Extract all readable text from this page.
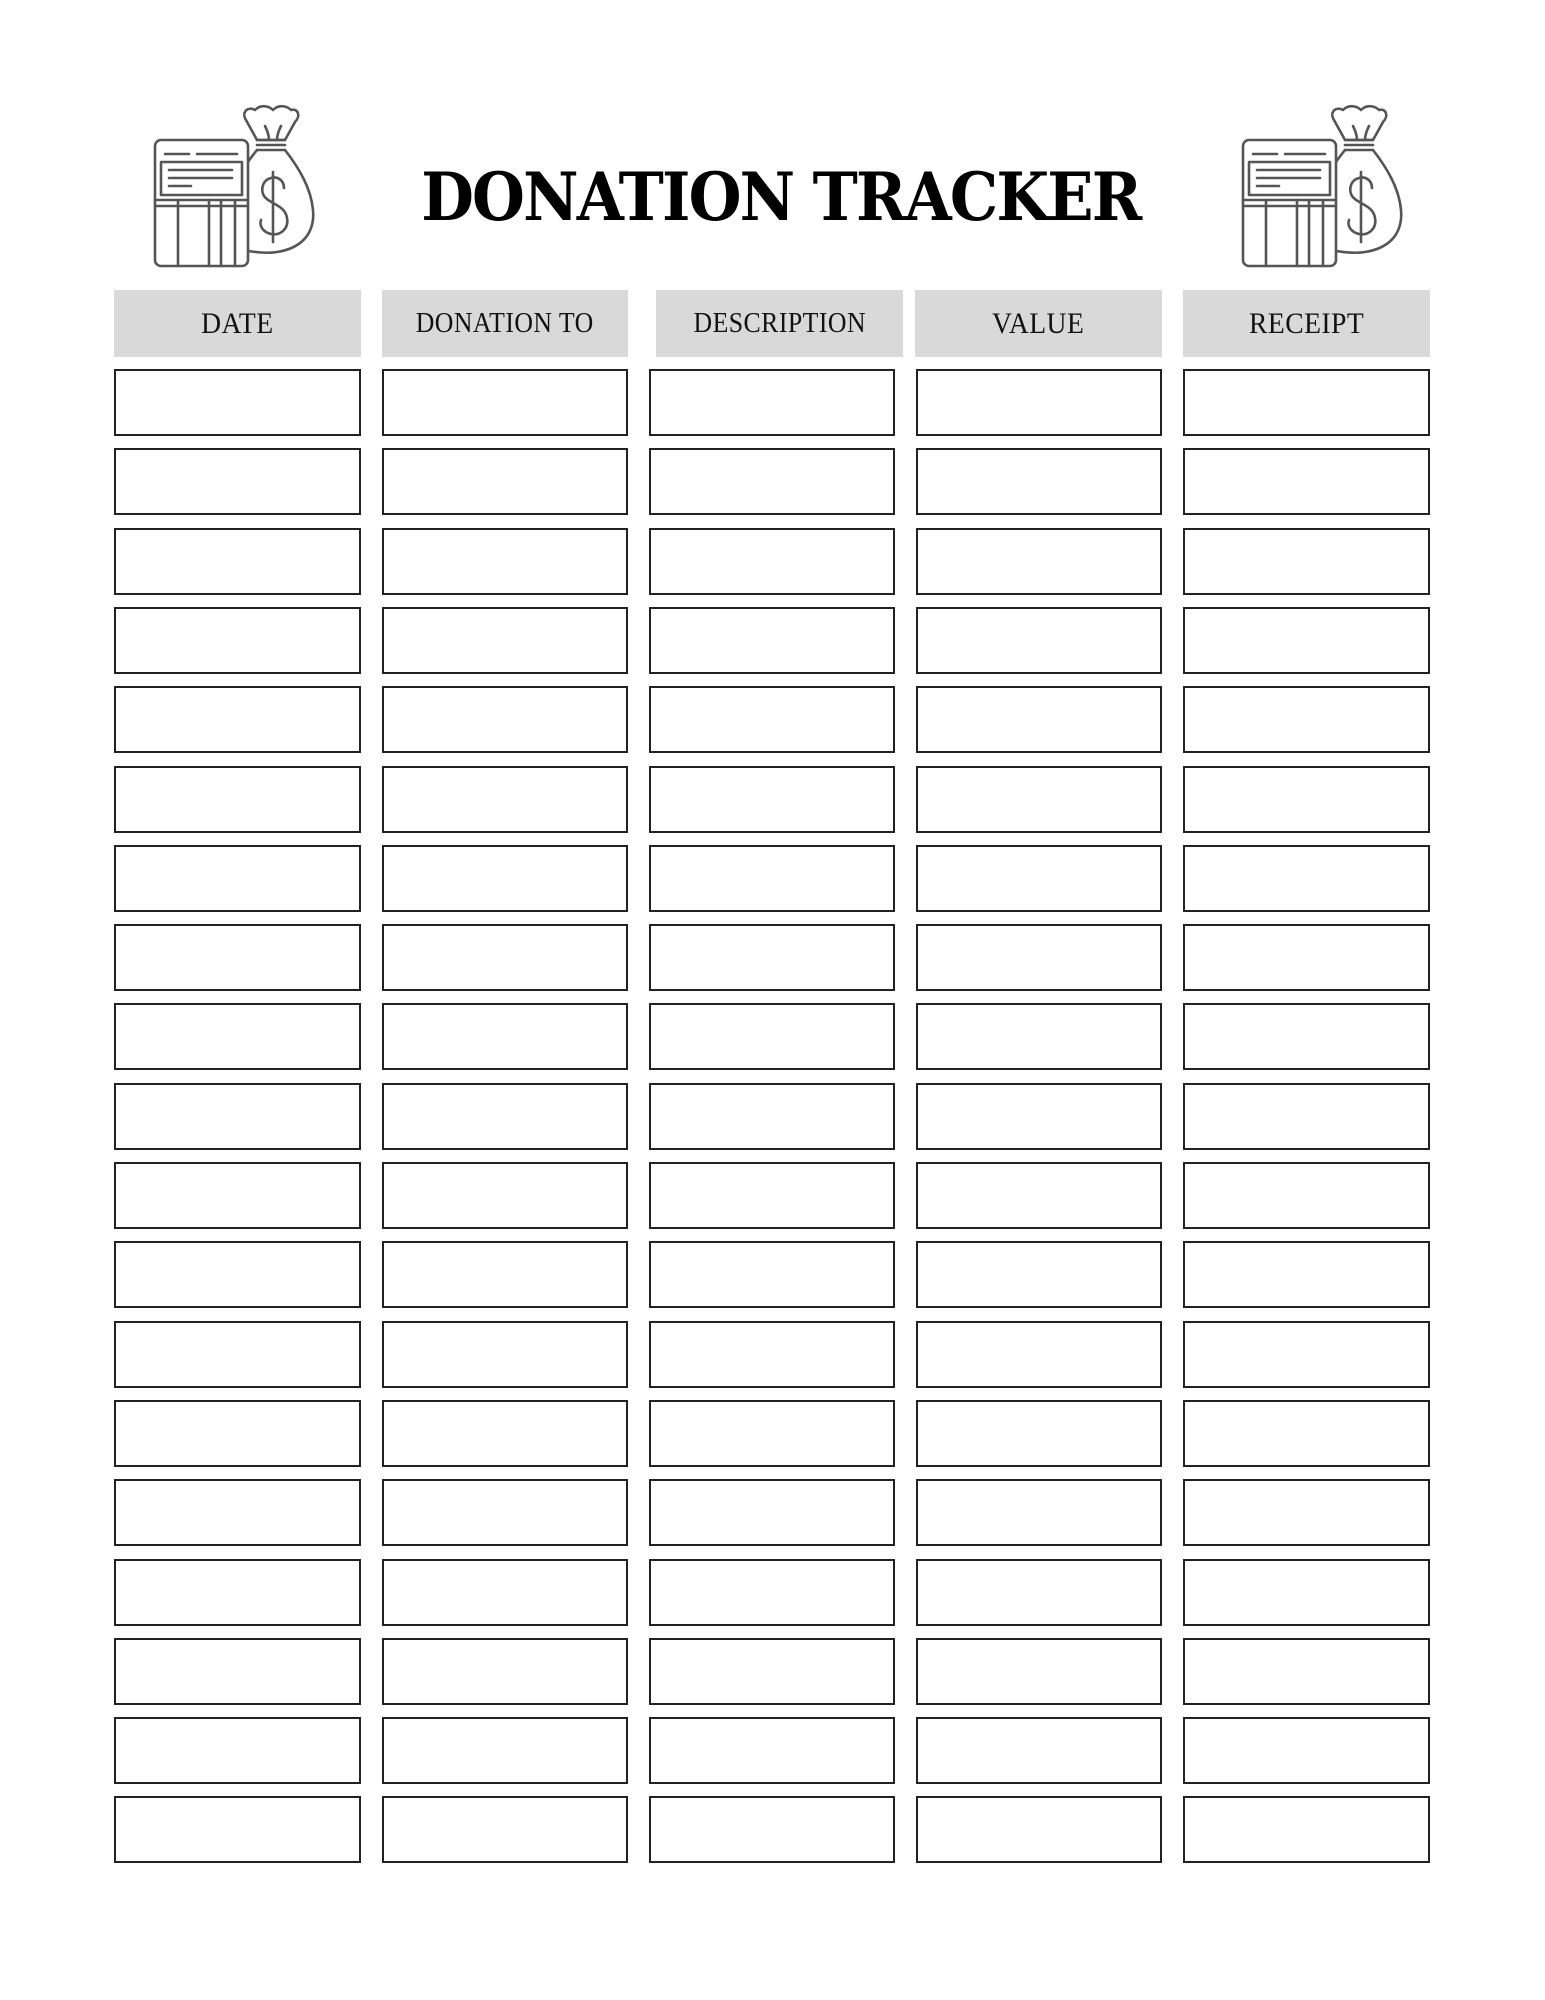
DONATION TRACKER
DATE	DONATION TO	DESCRIPTION	VALUE	RECEIPT
